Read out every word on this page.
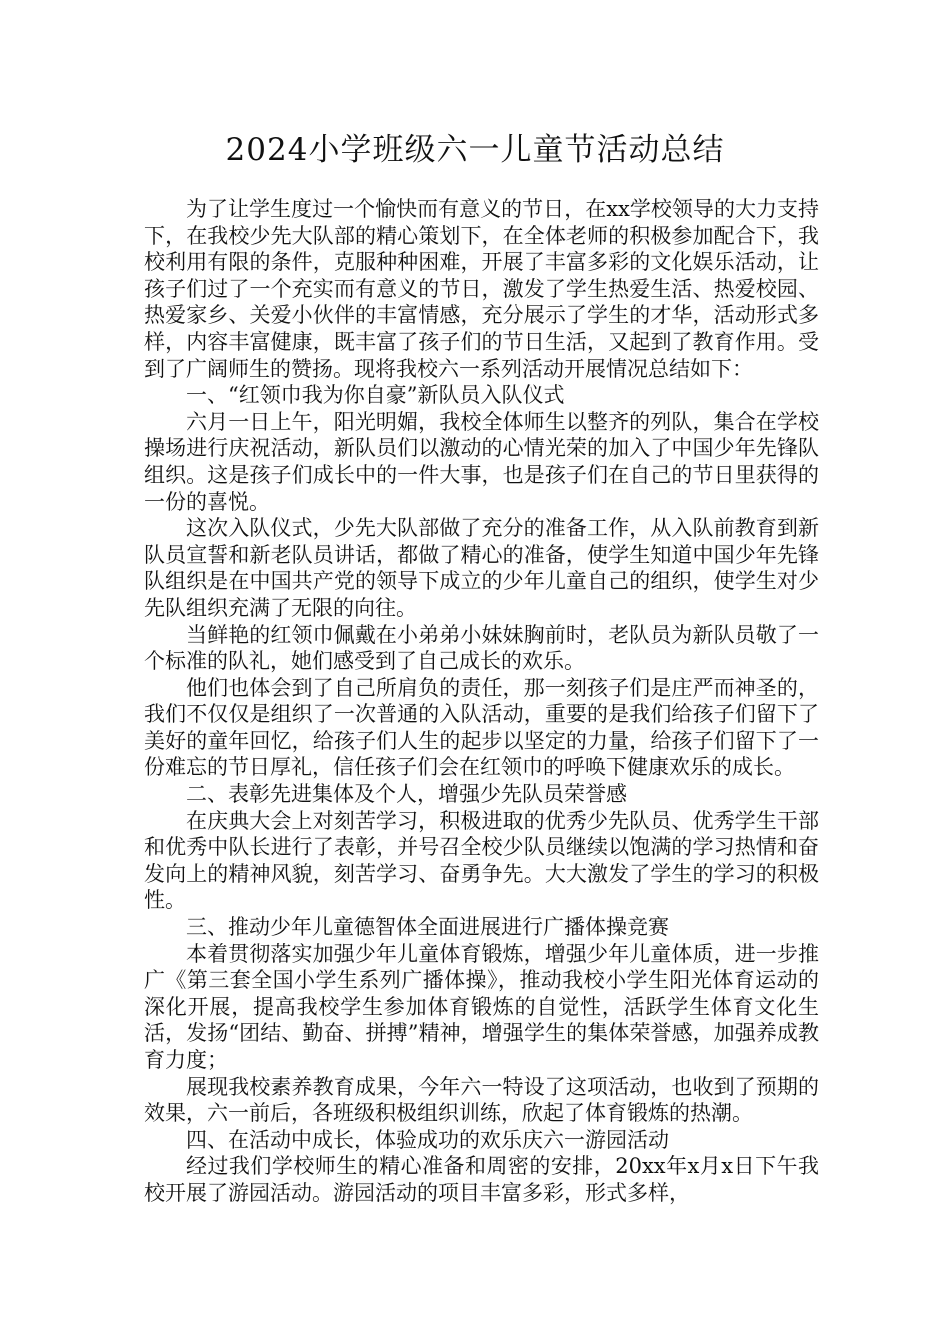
2024小学班级六一儿童节活动总结

为了让学生度过一个愉快而有意义的节日，在xx学校领导的大力支持下，在我校少先大队部的精心策划下，在全体老师的积极参加配合下，我校利用有限的条件，克服种种困难，开展了丰富多彩的文化娱乐活动，让孩子们过了一个充实而有意义的节日，激发了学生热爱生活、热爱校园、热爱家乡、关爱小伙伴的丰富情感，充分展示了学生的才华，活动形式多样，内容丰富健康，既丰富了孩子们的节日生活，又起到了教育作用。受到了广阔师生的赞扬。现将我校六一系列活动开展情况总结如下：

一、“红领巾我为你自豪”新队员入队仪式

六月一日上午，阳光明媚，我校全体师生以整齐的列队，集合在学校操场进行庆祝活动，新队员们以激动的心情光荣的加入了中国少年先锋队组织。这是孩子们成长中的一件大事，也是孩子们在自己的节日里获得的一份的喜悦。

这次入队仪式，少先大队部做了充分的准备工作，从入队前教育到新队员宣誓和新老队员讲话，都做了精心的准备，使学生知道中国少年先锋队组织是在中国共产党的领导下成立的少年儿童自己的组织，使学生对少先队组织充满了无限的向往。

当鲜艳的红领巾佩戴在小弟弟小妹妹胸前时，老队员为新队员敬了一个标准的队礼，她们感受到了自己成长的欢乐。

他们也体会到了自己所肩负的责任，那一刻孩子们是庄严而神圣的，我们不仅仅是组织了一次普通的入队活动，重要的是我们给孩子们留下了美好的童年回忆，给孩子们人生的起步以坚定的力量，给孩子们留下了一份难忘的节日厚礼，信任孩子们会在红领巾的呼唤下健康欢乐的成长。

二、表彰先进集体及个人，增强少先队员荣誉感

在庆典大会上对刻苦学习，积极进取的优秀少先队员、优秀学生干部和优秀中队长进行了表彰，并号召全校少队员继续以饱满的学习热情和奋发向上的精神风貌，刻苦学习、奋勇争先。大大激发了学生的学习的积极性。

三、推动少年儿童德智体全面进展进行广播体操竞赛

本着贯彻落实加强少年儿童体育锻炼，增强少年儿童体质，进一步推广《第三套全国小学生系列广播体操》，推动我校小学生阳光体育运动的深化开展，提高我校学生参加体育锻炼的自觉性，活跃学生体育文化生活，发扬“团结、勤奋、拼搏”精神，增强学生的集体荣誉感，加强养成教育力度；

展现我校素养教育成果，今年六一特设了这项活动，也收到了预期的效果，六一前后，各班级积极组织训练，欣起了体育锻炼的热潮。

四、在活动中成长，体验成功的欢乐庆六一游园活动

经过我们学校师生的精心准备和周密的安排，20xx年x月x日下午我校开展了游园活动。游园活动的项目丰富多彩，形式多样，
